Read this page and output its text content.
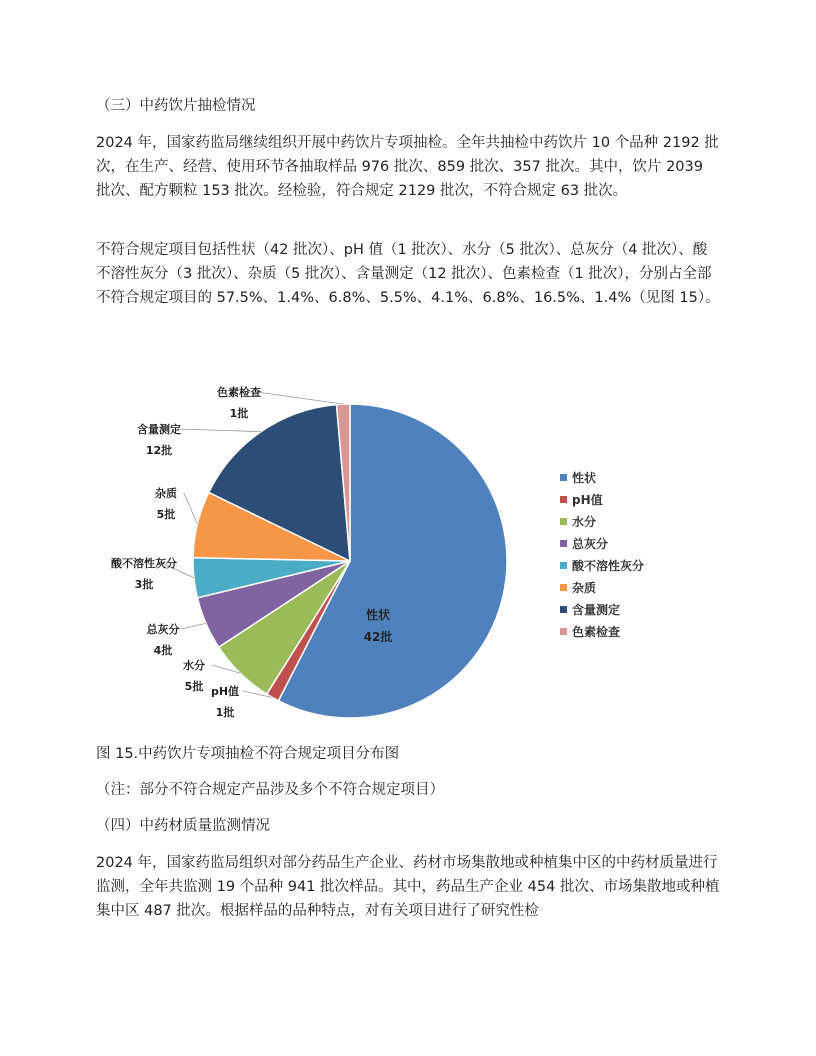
（三）中药饮片抽检情况

2024 年，国家药监局继续组织开展中药饮片专项抽检。全年共抽检中药饮片 10 个品种 2192 批次，在生产、经营、使用环节各抽取样品 976 批次、859 批次、357 批次。其中，饮片 2039 批次、配方颗粒 153 批次。经检验，符合规定 2129 批次，不符合规定 63 批次。

不符合规定项目包括性状（42 批次）、pH 值（1 批次）、水分（5 批次）、总灰分（4 批次）、酸不溶性灰分（3 批次）、杂质（5 批次）、含量测定（12 批次）、色素检查（1 批次），分别占全部不符合规定项目的 57.5%、1.4%、6.8%、5.5%、4.1%、6.8%、16.5%、1.4%（见图 15）。

性状
42批
pH值
1批
水分
5批
总灰分
4批
酸不溶性灰分
3批
杂质
5批
含量测定
12批
色素检查
1批
性状
pH值
水分
总灰分
酸不溶性灰分
杂质
含量测定
色素检查

图 15.中药饮片专项抽检不符合规定项目分布图

（注：部分不符合规定产品涉及多个不符合规定项目）

（四）中药材质量监测情况

2024 年，国家药监局组织对部分药品生产企业、药材市场集散地或种植集中区的中药材质量进行监测，全年共监测 19 个品种 941 批次样品。其中，药品生产企业 454 批次、市场集散地或种植集中区 487 批次。根据样品的品种特点，对有关项目进行了研究性检
